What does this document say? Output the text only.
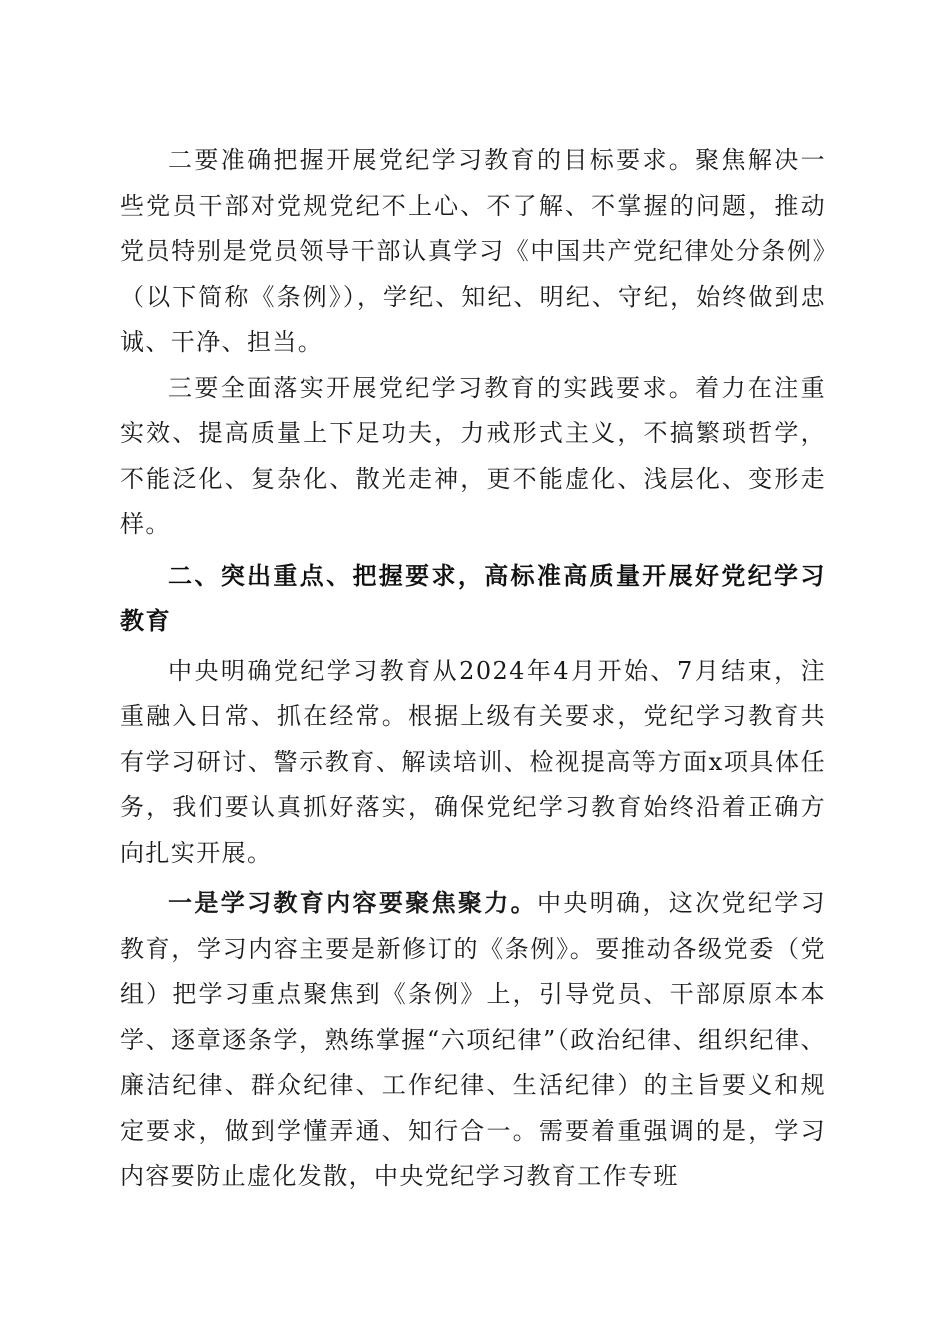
二要准确把握开展党纪学习教育的目标要求。聚焦解决一些党员干部对党规党纪不上心、不了解、不掌握的问题，推动党员特别是党员领导干部认真学习《中国共产党纪律处分条例》（以下简称《条例》），学纪、知纪、明纪、守纪，始终做到忠诚、干净、担当。

三要全面落实开展党纪学习教育的实践要求。着力在注重实效、提高质量上下足功夫，力戒形式主义，不搞繁琐哲学，不能泛化、复杂化、散光走神，更不能虚化、浅层化、变形走样。

二、突出重点、把握要求，高标准高质量开展好党纪学习教育

中央明确党纪学习教育从2024年4月开始、7月结束，注重融入日常、抓在经常。根据上级有关要求，党纪学习教育共有学习研讨、警示教育、解读培训、检视提高等方面x项具体任务，我们要认真抓好落实，确保党纪学习教育始终沿着正确方向扎实开展。

一是学习教育内容要聚焦聚力。中央明确，这次党纪学习教育，学习内容主要是新修订的《条例》。要推动各级党委（党组）把学习重点聚焦到《条例》上，引导党员、干部原原本本学、逐章逐条学，熟练掌握“六项纪律”（政治纪律、组织纪律、廉洁纪律、群众纪律、工作纪律、生活纪律）的主旨要义和规定要求，做到学懂弄通、知行合一。需要着重强调的是，学习内容要防止虚化发散，中央党纪学习教育工作专班
